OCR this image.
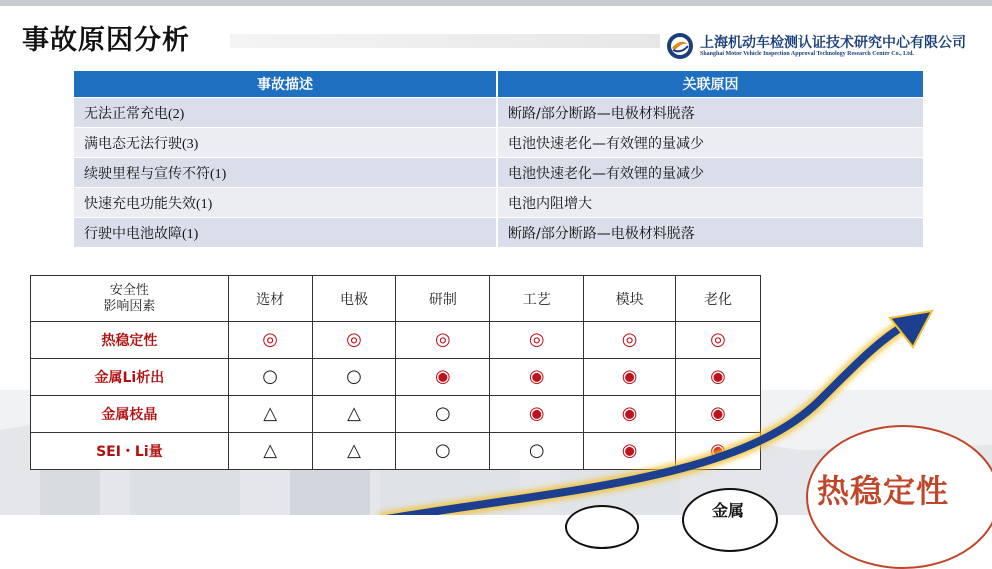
事故原因分析	上海机动车检测认证技术研究中心有限公司
Shanghai Motor Vehicle Inspection Approval Technology Research Center Co., Ltd.
事故描述	关联原因
无法正常充电(2)	断路/部分断路—电极材料脱落
满电态无法行驶(3)	电池快速老化—有效锂的量减少
续驶里程与宣传不符(1)	电池快速老化—有效锂的量减少
快速充电功能失效(1)	电池内阻增大
行驶中电池故障(1)	断路/部分断路—电极材料脱落
安全性
影响因素	选材	电极	研制	工艺	模块	老化
热稳定性	◎	◎	◎	◎	◎	◎
金属Li析出	○	○	◉	◉	◉	◉
金属枝晶	△	△	○	◉	◉	◉
SEI・Li量	△	△	○	○	◉	◉
金属
热稳定性
